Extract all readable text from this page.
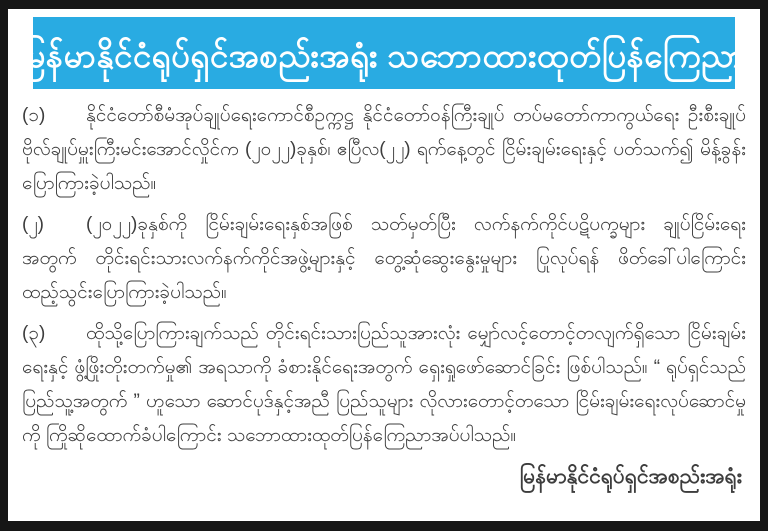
မြန်မာနိုင်ငံရုပ်ရှင်အစည်းအရုံး သဘောထားထုတ်ပြန်ကြေညာ

(၁) နိုင်ငံတော်စီမံအုပ်ချုပ်ရေးကောင်စီဥက္ကဋ္ဌ နိုင်ငံတော်ဝန်ကြီးချုပ် တပ်မတော်ကာကွယ်ရေး ဦးစီးချုပ် ဗိုလ်ချုပ်မှူးကြီးမင်းအောင်လှိုင်က (၂၀၂၂)ခုနှစ်၊ ဧပြီလ(၂၂) ရက်နေ့တွင် ငြိမ်းချမ်းရေးနှင့် ပတ်သက်၍ မိန့်ခွန်းပြောကြားခဲ့ပါသည်။

(၂) (၂၀၂၂)ခုနှစ်ကို ငြိမ်းချမ်းရေးနှစ်အဖြစ် သတ်မှတ်ပြီး လက်နက်ကိုင်ပဋိပက္ခများ ချုပ်ငြိမ်းရေး အတွက် တိုင်းရင်းသားလက်နက်ကိုင်အဖွဲ့များနှင့် တွေ့ဆုံဆွေးနွေးမှုများ ပြုလုပ်ရန် ဖိတ်ခေါ်ပါကြောင်း ထည့်သွင်းပြောကြားခဲ့ပါသည်။

(၃) ထိုသို့ပြောကြားချက်သည် တိုင်းရင်းသားပြည်သူအားလုံး မျှော်လင့်တောင့်တလျက်ရှိသော ငြိမ်းချမ်းရေးနှင့် ဖွံ့ဖြိုးတိုးတက်မှု၏ အရသာကို ခံစားနိုင်ရေးအတွက် ရှေးရှုဖော်ဆောင်ခြင်း ဖြစ်ပါသည်။ “ ရုပ်ရှင်သည် ပြည်သူ့အတွက် ” ဟူသော ဆောင်ပုဒ်နှင့်အညီ ပြည်သူများ လိုလားတောင့်တသော ငြိမ်းချမ်းရေးလုပ်ဆောင်မှုကို ကြိုဆိုထောက်ခံပါကြောင်း သဘောထားထုတ်ပြန်ကြေညာအပ်ပါသည်။

မြန်မာနိုင်ငံရုပ်ရှင်အစည်းအရုံး
